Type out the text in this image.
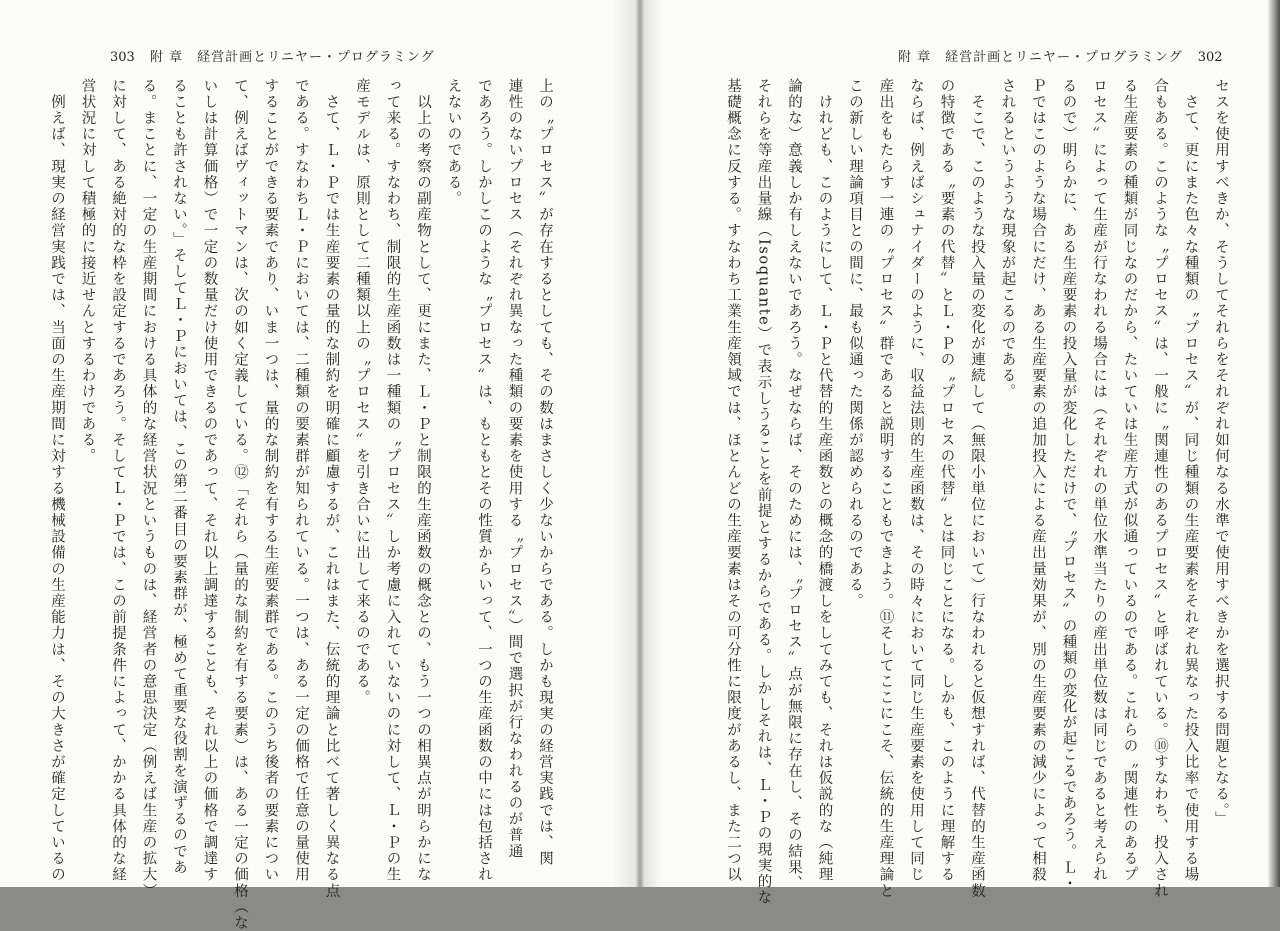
303 附 章　経営計画とリニヤー・プログラミング
上の〝プロセス〟が存在するとしても、その数はまさしく少ないからである。しかも現実の経営実践では、関
連性のないプロセス（それぞれ異なった種類の要素を使用する〝プロセス〟）間で選択が行なわれるのが普通
であろう。しかしこのような〝プロセス〟は、もともとその性質からいって、一つの生産函数の中には包括され
えないのである。
　以上の考察の副産物として、更にまた、Ｌ・Ｐと制限的生産函数の概念との、もう一つの相異点が明らかにな
って来る。すなわち、制限的生産函数は一種類の〝プロセス〟しか考慮に入れていないのに対して、Ｌ・Ｐの生
産モデルは、原則として二種類以上の〝プロセス〟を引き合いに出して来るのである。
　さて、Ｌ・Ｐでは生産要素の量的な制約を明確に顧慮するが、これはまた、伝統的理論と比べて著しく異なる点
である。すなわちＬ・Ｐにおいては、二種類の要素群が知られている。一つは、ある一定の価格で任意の量使用
することができる要素であり、いま一つは、量的な制約を有する生産要素群である。このうち後者の要素につい
て、例えばヴィットマンは、次の如く定義している。⑫「それら（量的な制約を有する要素）は、ある一定の価格（な
いしは計算価格）で一定の数量だけ使用できるのであって、それ以上調達することも、それ以上の価格で調達す
ることも許されない。」そしてＬ・Ｐにおいては、この第二番目の要素群が、極めて重要な役割を演ずるのであ
る。まことに、一定の生産期間における具体的な経営状況というものは、経営者の意思決定（例えば生産の拡大）
に対して、ある絶対的な枠を設定するであろう。そしてＬ・Ｐでは、この前提条件によって、かかる具体的な経
営状況に対して積極的に接近せんとするわけである。
　例えば、現実の経営実践では、当面の生産期間に対する機械設備の生産能力は、その大きさが確定しているの
附 章　経営計画とリニヤー・プログラミング 302
セスを使用すべきか、そうしてそれらをそれぞれ如何なる水準で使用すべきかを選択する問題となる。」
　さて、更にまた色々な種類の〝プロセス〟が、同じ種類の生産要素をそれぞれ異なった投入比率で使用する場
合もある。このような〝プロセス〟は、一般に〝関連性のあるプロセス〟と呼ばれている。⑩すなわち、投入され
る生産要素の種類が同じなのだから、たいていは生産方式が似通っているのである。これらの〝関連性のあるプ
ロセス〟によって生産が行なわれる場合には（それぞれの単位水準当たりの産出単位数は同じであると考えられ
るので）明らかに、ある生産要素の投入量が変化しただけで、〝プロセス〟の種類の変化が起こるであろう。Ｌ・
Ｐではこのような場合にだけ、ある生産要素の追加投入による産出量効果が、別の生産要素の減少によって相殺
されるというような現象が起こるのである。
　そこで、このような投入量の変化が連続して（無限小単位において）行なわれると仮想すれば、代替的生産函数
の特徴である〝要素の代替〟とＬ・Ｐの〝プロセスの代替〟とは同じことになる。しかも、このように理解する
ならば、例えばシュナイダーのように、収益法則的生産函数は、その時々において同じ生産要素を使用して同じ
産出をもたらす一連の〝プロセス〟群であると説明することもできよう。⑪そしてここにこそ、伝統的生産理論と
この新しい理論項目との間に、最も似通った関係が認められるのである。
　けれども、このようにして、Ｌ・Ｐと代替的生産函数との概念的橋渡しをしてみても、それは仮説的な（純理
論的な）意義しか有しえないであろう。なぜならば、そのためには、〝プロセス〟点が無限に存在し、その結果、
それらを等産出量線（Isoquante）で表示しうることを前提とするからである。しかしそれは、Ｌ・Ｐの現実的な
基礎概念に反する。すなわち工業生産領域では、ほとんどの生産要素はその可分性に限度があるし、また二つ以
